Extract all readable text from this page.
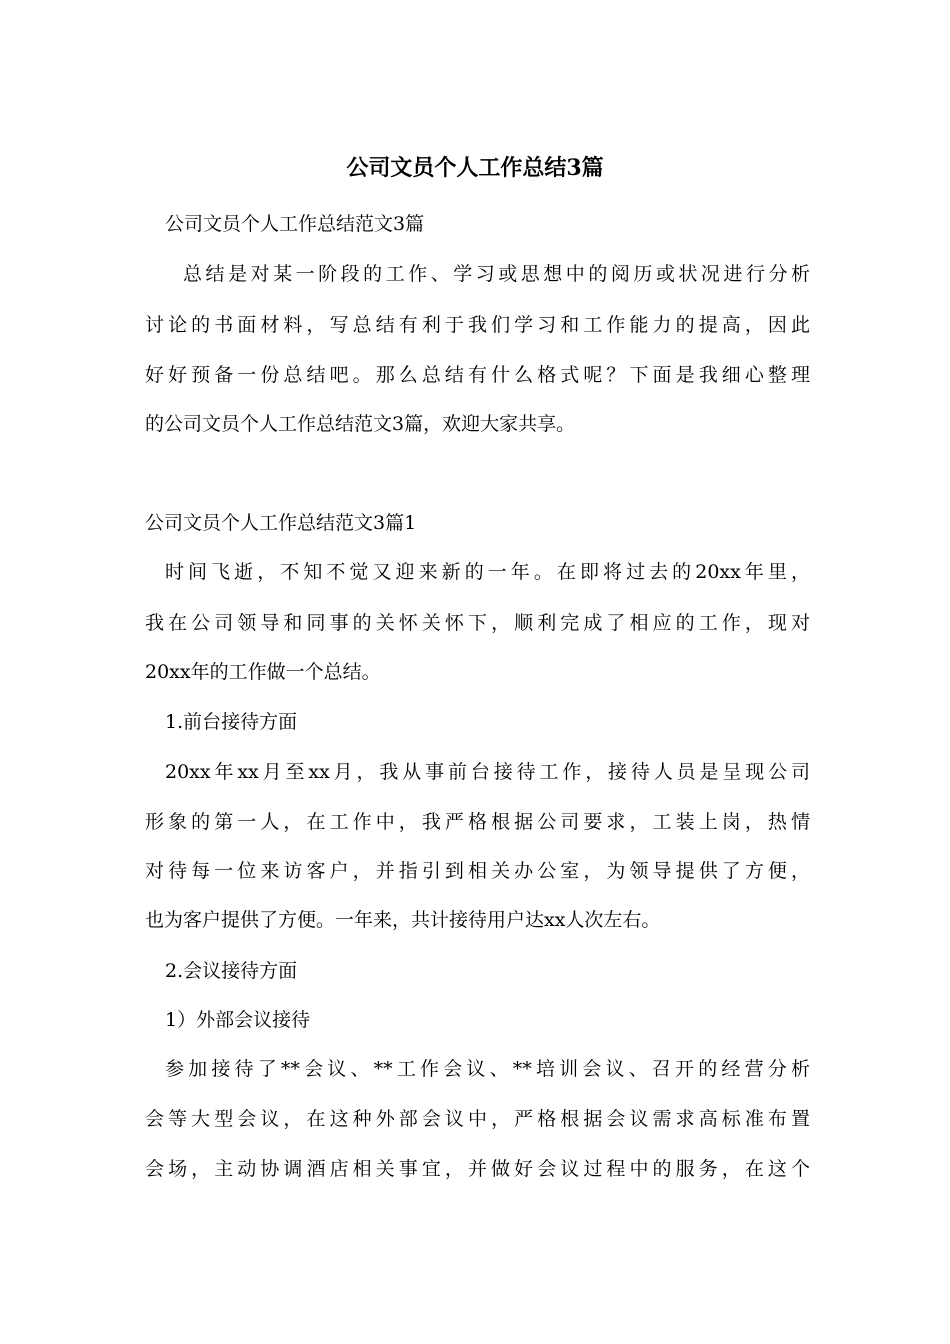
公司文员个人工作总结3篇

公司文员个人工作总结范文3篇

总结是对某一阶段的工作、学习或思想中的阅历或状况进行分析

讨论的书面材料，写总结有利于我们学习和工作能力的提高，因此

好好预备一份总结吧。那么总结有什么格式呢？下面是我细心整理

的公司文员个人工作总结范文3篇，欢迎大家共享。

公司文员个人工作总结范文3篇1

时间飞逝，不知不觉又迎来新的一年。在即将过去的20xx年里，

我在公司领导和同事的关怀关怀下，顺利完成了相应的工作，现对

20xx年的工作做一个总结。

1.前台接待方面

20xx年xx月至xx月，我从事前台接待工作，接待人员是呈现公司

形象的第一人，在工作中，我严格根据公司要求，工装上岗，热情

对待每一位来访客户，并指引到相关办公室，为领导提供了方便，

也为客户提供了方便。一年来，共计接待用户达xx人次左右。

2.会议接待方面

1）外部会议接待

参加接待了**会议、**工作会议、**培训会议、召开的经营分析

会等大型会议，在这种外部会议中，严格根据会议需求高标准布置

会场，主动协调酒店相关事宜，并做好会议过程中的服务，在这个
